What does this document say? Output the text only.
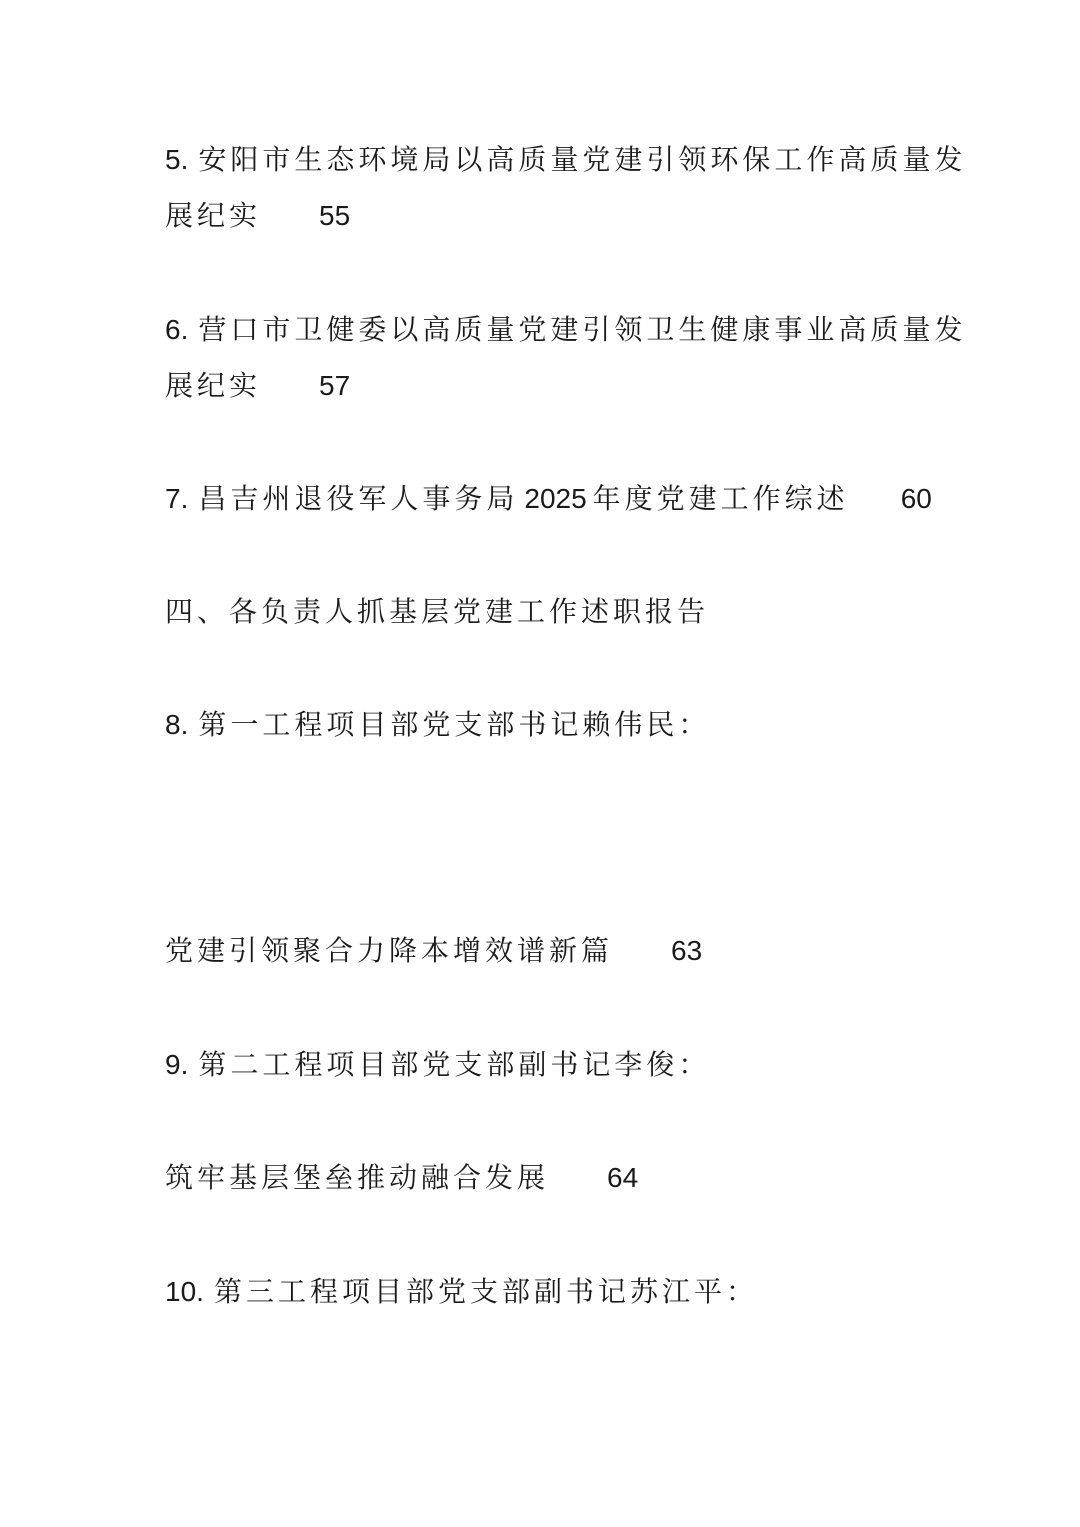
5. 安阳市生态环境局以高质量党建引领环保工作高质量发
展纪实 55
6. 营口市卫健委以高质量党建引领卫生健康事业高质量发
展纪实 57
7. 昌吉州退役军人事务局 2025 年度党建工作综述 60
四、各负责人抓基层党建工作述职报告
8. 第一工程项目部党支部书记赖伟民：
党建引领聚合力降本增效谱新篇 63
9. 第二工程项目部党支部副书记李俊：
筑牢基层堡垒推动融合发展 64
10. 第三工程项目部党支部副书记苏江平：
